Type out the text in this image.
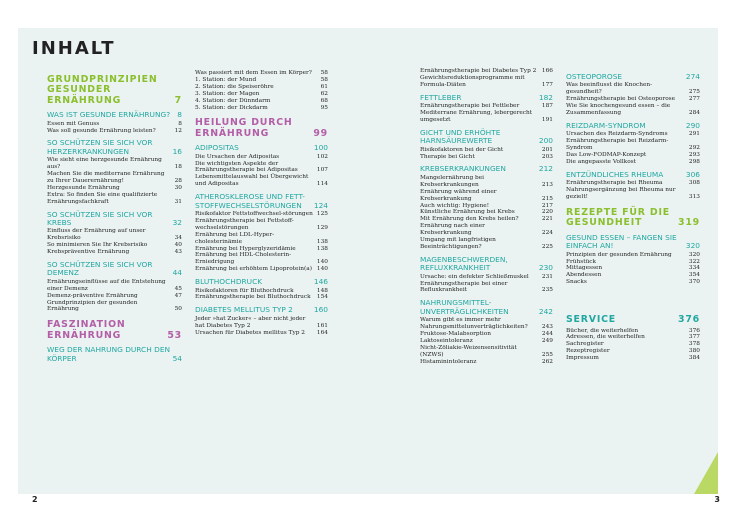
INHALT
GRUNDPRINZIPIEN GESUNDER ERNÄHRUNG	7
WAS IST GESUNDE ERNÄHRUNG? 8
Essen mit Genuss	8
Was soll gesunde Ernährung leisten?	12
SO SCHÜTZEN SIE SICH VOR HERZERKRANKUNGEN	16
Wie sieht eine herzgesunde Ernährung aus?	18
Machen Sie die mediterrane Ernährung zu Ihrer Dauerernährung!	28
Herzgesunde Ernährung	30
Extra: So finden Sie eine qualifizierte Ernährungsfachkraft	31
SO SCHÜTZEN SIE SICH VOR KREBS	32
Einfluss der Ernährung auf unser Krebsrisiko	34
So minimieren Sie Ihr Krebsrisiko	40
Krebspräventive Ernährung	43
SO SCHÜTZEN SIE SICH VOR DEMENZ	44
Ernährungseinflüsse auf die Entstehung einer Demenz	45
Demenz-präventive Ernährung	47
Grundprinzipien der gesunden Ernährung	50
FASZINATION ERNÄHRUNG	53
WEG DER NAHRUNG DURCH DEN KÖRPER	54
Was passiert mit dem Essen im Körper?	58
1. Station: der Mund	58
2. Station: die Speiseröhre	61
3. Station: der Magen	62
4. Station: der Dünndarm	68
5. Station: der Dickdarm	95
HEILUNG DURCH ERNÄHRUNG	99
ADIPOSITAS	100
Die Ursachen der Adipositas	102
Die wichtigsten Aspekte der Ernährungstherapie bei Adipositas	107
Lebensmittelauswahl bei Übergewicht und Adipositas	114
ATHEROSKLEROSE UND FETT-STOFFWECHSELSTÖRUNGEN	124
Risikofaktor Fettstoffwechsel-störungen 125
Ernährungstherapie bei Fettstoff-wechselstörungen	129
Ernährung bei LDL-Hyper-cholesterinämie	138
Ernährung bei Hyperglyzeridämie	138
Ernährung bei HDL-Cholesterin-Erniedrigung	140
Ernährung bei erhöhtem Lipoprotein(a) 140
BLUTHOCHDRUCK	146
Risikofaktoren für Bluthochdruck	148
Ernährungstherapie bei Bluthochdruck	154
DIABETES MELLITUS TYP 2	160
Jeder »hat Zucker« – aber nicht jeder hat Diabetes Typ 2	161
Ursachen für Diabetes mellitus Typ 2	164
Ernährungstherapie bei Diabetes Typ 2 166
Gewichtsreduktionsprogramme mit Formula-Diäten	177
FETTLEBER	182
Ernährungstherapie bei Fettleber	187
Mediterrane Ernährung, lebergerecht umgesetzt	191
GICHT UND ERHÖHTE HARNSÄUREWERTE	200
Risikofaktoren bei der Gicht	201
Therapie bei Gicht	203
KREBSERKRANKUNGEN	212
Mangelernährung bei Krebserkrankungen	213
Ernährung während einer Krebserkrankung	215
Auch wichtig: Hygiene!	217
Künstliche Ernährung bei Krebs	220
Mit Ernährung den Krebs heilen?	221
Ernährung nach einer Krebserkrankung	224
Umgang mit langfristigen Beeinträchtigungen?	225
MAGENBESCHWERDEN, REFLUXKRANKHEIT	230
Ursache: ein defekter Schließmuskel	231
Ernährungstherapie bei einer Refluxkrankheit	235
NAHRUNGSMITTEL-UNVERTRÄGLICHKEITEN	242
Warum gibt es immer mehr Nahrungsmittelunverträglichkeiten?	243
Fruktose-Malabsorption	244
Laktoseintoleranz	249
Nicht-Zöliakie-Weizensensitivität (NZWS)	255
Histaminintoleranz	262
OSTEOPOROSE	274
Was beeinflusst die Knochen-gesundheit?	275
Ernährungstherapie bei Osteoporose	277
Wie Sie knochengesund essen – die Zusammenfassung	284
REIZDARM-SYNDROM	290
Ursachen des Reizdarm-Syndroms	291
Ernährungstherapie bei Reizdarm-Syndrom	292
Das Low-FODMAP-Konzept	293
Die angepasste Vollkost	298
ENTZÜNDLICHES RHEUMA	306
Ernährungstherapie bei Rheuma	308
Nahrungsergänzung bei Rheuma nur gezielt!	313
REZEPTE FÜR DIE GESUNDHEIT	319
GESUND ESSEN – FANGEN SIE EINFACH AN!	320
Prinzipien der gesunden Ernährung	320
Frühstück	322
Mittagessen	334
Abendessen	354
Snacks	370
SERVICE	376
Bücher, die weiterhelfen	376
Adressen, die weiterhelfen	377
Sachregister	378
Rezeptregister	380
Impressum	384
2	3
